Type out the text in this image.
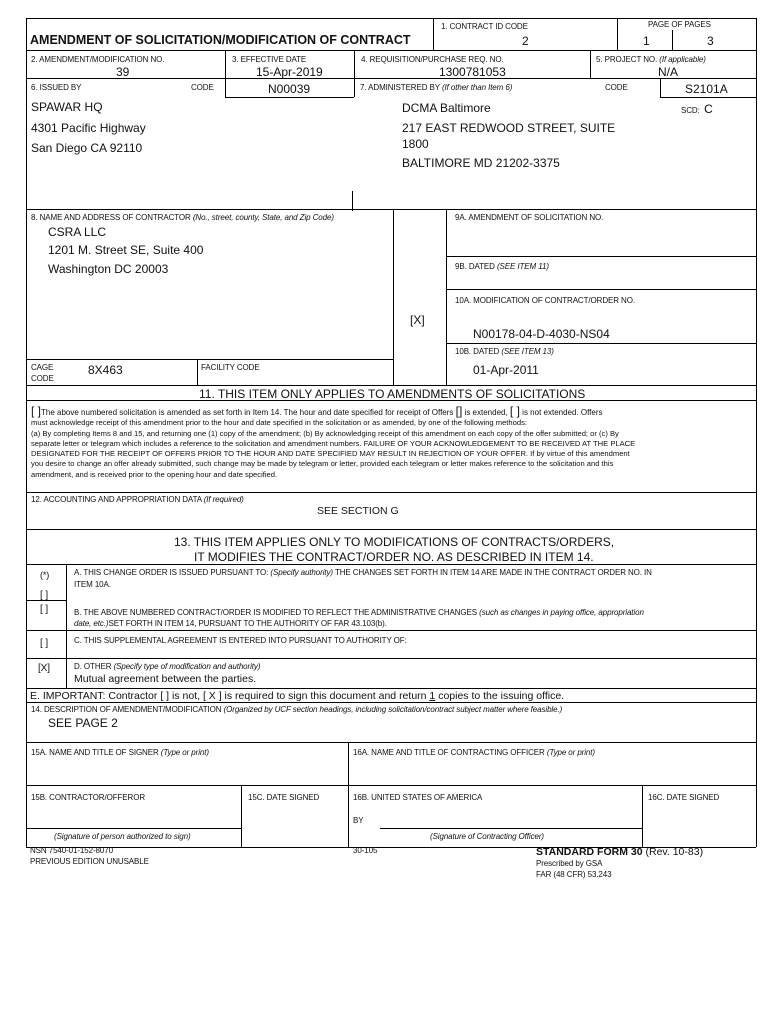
AMENDMENT OF SOLICITATION/MODIFICATION OF CONTRACT
1. CONTRACT ID CODE
2
PAGE OF PAGES
1	3
2. AMENDMENT/MODIFICATION NO.
39
3. EFFECTIVE DATE
15-Apr-2019
4. REQUISITION/PURCHASE REQ. NO.
1300781053
5. PROJECT NO. (If applicable)
N/A
6. ISSUED BY	CODE	N00039	7. ADMINISTERED BY (If other than Item 6)	CODE	S2101A
SPAWAR HQ
4301 Pacific Highway
San Diego CA 92110
DCMA Baltimore
217 EAST REDWOOD STREET, SUITE
1800
BALTIMORE MD 21202-3375
SCD: C
8. NAME AND ADDRESS OF CONTRACTOR (No., street, county, State, and Zip Code)
CSRA LLC
1201 M. Street SE, Suite 400
Washington DC 20003
9A. AMENDMENT OF SOLICITATION NO.
9B. DATED (SEE ITEM 11)
10A. MODIFICATION OF CONTRACT/ORDER NO.
[X]
N00178-04-D-4030-NS04
10B. DATED (SEE ITEM 13)
01-Apr-2011
CAGE
CODE
8X463	FACILITY CODE
11. THIS ITEM ONLY APPLIES TO AMENDMENTS OF SOLICITATIONS
[ ]The above numbered solicitation is amended as set forth in Item 14. The hour and date specified for receipt of Offers [] is extended, [ ] is not extended. Offers
must acknowledge receipt of this amendment prior to the hour and date specified in the solicitation or as amended, by one of the following methods:
(a) By completing Items 8 and 15, and returning one (1) copy of the amendment; (b) By acknowledging receipt of this amendment on each copy of the offer submitted; or (c) By
separate letter or telegram which includes a reference to the solicitation and amendment numbers. FAILURE OF YOUR ACKNOWLEDGEMENT TO BE RECEIVED AT THE PLACE
DESIGNATED FOR THE RECEIPT OF OFFERS PRIOR TO THE HOUR AND DATE SPECIFIED MAY RESULT IN REJECTION OF YOUR OFFER. If by virtue of this amendment
you desire to change an offer already submitted, such change may be made by telegram or letter, provided each telegram or letter makes reference to the solicitation and this
amendment, and is received prior to the opening hour and date specified.
12. ACCOUNTING AND APPROPRIATION DATA (If required)
SEE SECTION G
13. THIS ITEM APPLIES ONLY TO MODIFICATIONS OF CONTRACTS/ORDERS,
IT MODIFIES THE CONTRACT/ORDER NO. AS DESCRIBED IN ITEM 14.
(*)	A. THIS CHANGE ORDER IS ISSUED PURSUANT TO: (Specify authority) THE CHANGES SET FORTH IN ITEM 14 ARE MADE IN THE CONTRACT ORDER NO. IN
ITEM 10A.
[ ]
[ ]	B. THE ABOVE NUMBERED CONTRACT/ORDER IS MODIFIED TO REFLECT THE ADMINISTRATIVE CHANGES (such as changes in paying office, appropriation
date, etc.)SET FORTH IN ITEM 14, PURSUANT TO THE AUTHORITY OF FAR 43.103(b).
[ ]	C. THIS SUPPLEMENTAL AGREEMENT IS ENTERED INTO PURSUANT TO AUTHORITY OF:
[X]	D. OTHER (Specify type of modification and authority)
Mutual agreement between the parties.
E. IMPORTANT: Contractor [ ] is not, [ X ] is required to sign this document and return 1 copies to the issuing office.
14. DESCRIPTION OF AMENDMENT/MODIFICATION (Organized by UCF section headings, including solicitation/contract subject matter where feasible.)
SEE PAGE 2
15A. NAME AND TITLE OF SIGNER (Type or print)	16A. NAME AND TITLE OF CONTRACTING OFFICER (Type or print)
15B. CONTRACTOR/OFFEROR	15C. DATE SIGNED	16B. UNITED STATES OF AMERICA	16C. DATE SIGNED
BY
(Signature of person authorized to sign)	(Signature of Contracting Officer)
NSN 7540-01-152-8070
PREVIOUS EDITION UNUSABLE
30-105	STANDARD FORM 30 (Rev. 10-83)
Prescribed by GSA
FAR (48 CFR) 53.243
